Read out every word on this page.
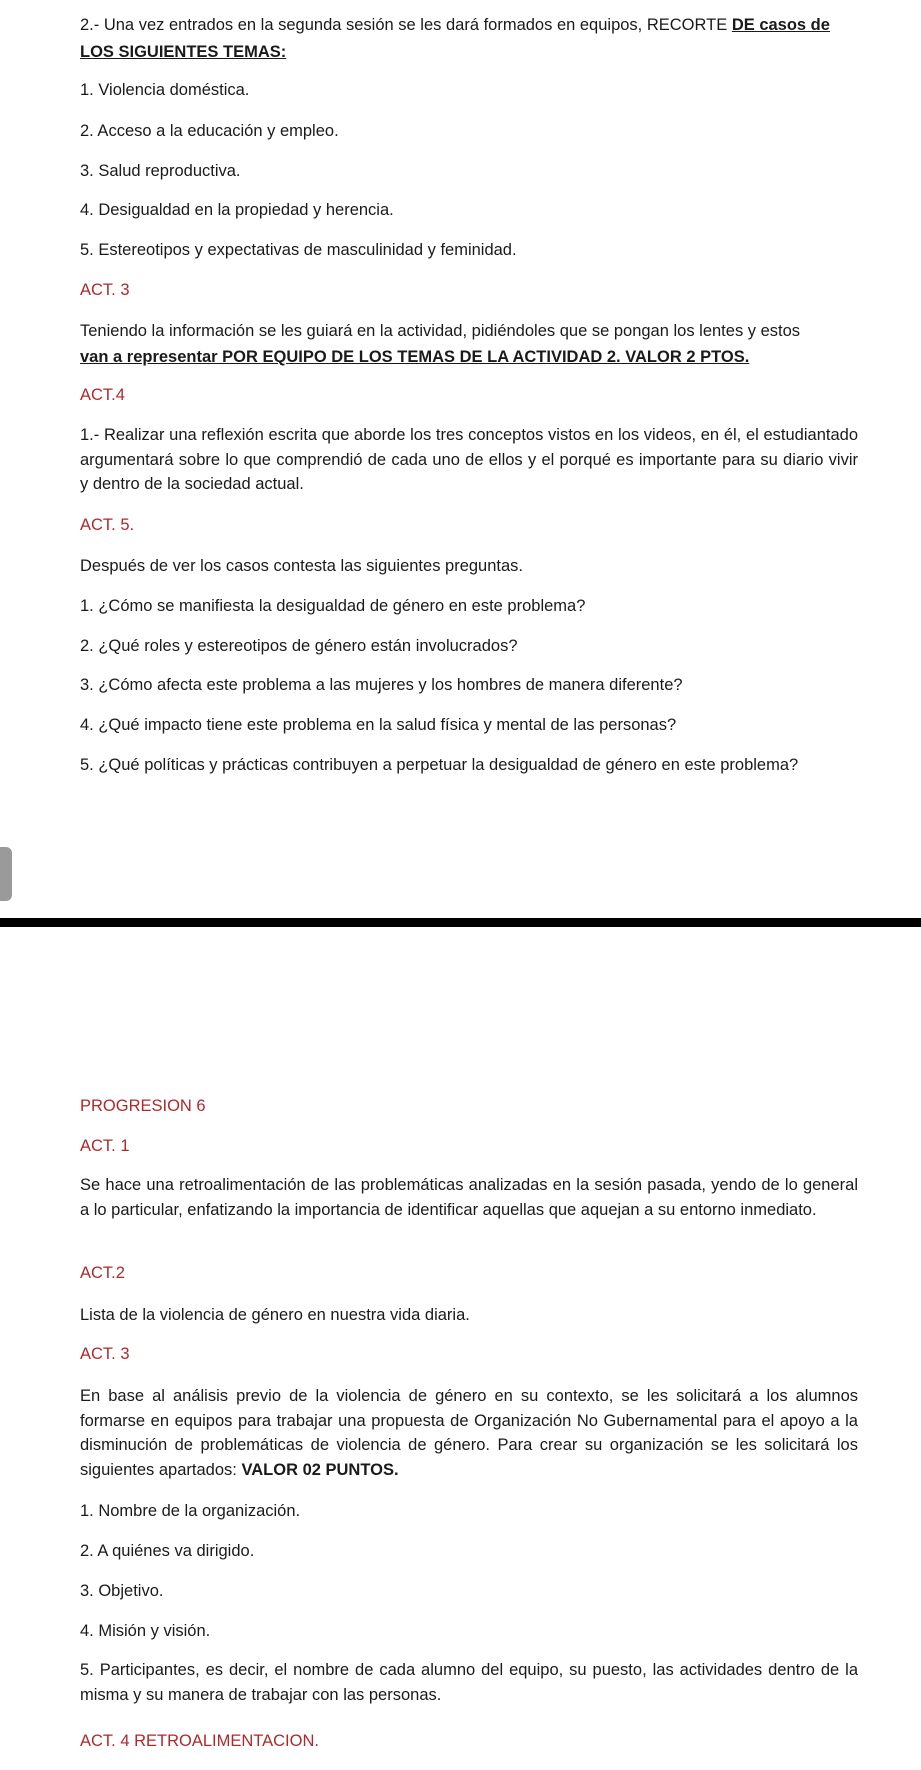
2.- Una vez entrados en la segunda sesión se les dará formados en equipos, RECORTE DE casos de

LOS SIGUIENTES TEMAS:

1. Violencia doméstica.

2. Acceso a la educación y empleo.

3. Salud reproductiva.

4. Desigualdad en la propiedad y herencia.

5. Estereotipos y expectativas de masculinidad y feminidad.

ACT. 3

Teniendo la información se les guiará en la actividad, pidiéndoles que se pongan los lentes y estos

van a representar POR EQUIPO DE LOS TEMAS DE LA ACTIVIDAD 2. VALOR 2 PTOS.

ACT.4

1.- Realizar una reflexión escrita que aborde los tres conceptos vistos en los videos, en él, el estudiantado argumentará sobre lo que comprendió de cada uno de ellos y el porqué es importante para su diario vivir y dentro de la sociedad actual.

ACT. 5.

Después de ver los casos contesta las siguientes preguntas.

1. ¿Cómo se manifiesta la desigualdad de género en este problema?

2. ¿Qué roles y estereotipos de género están involucrados?

3. ¿Cómo afecta este problema a las mujeres y los hombres de manera diferente?

4. ¿Qué impacto tiene este problema en la salud física y mental de las personas?

5. ¿Qué políticas y prácticas contribuyen a perpetuar la desigualdad de género en este problema?

PROGRESION 6

ACT. 1

Se hace una retroalimentación de las problemáticas analizadas en la sesión pasada, yendo de lo general a lo particular, enfatizando la importancia de identificar aquellas que aquejan a su entorno inmediato.

ACT.2

Lista de la violencia de género en nuestra vida diaria.

ACT. 3

En base al análisis previo de la violencia de género en su contexto, se les solicitará a los alumnos formarse en equipos para trabajar una propuesta de Organización No Gubernamental para el apoyo a la disminución de problemáticas de violencia de género. Para crear su organización se les solicitará los siguientes apartados: VALOR 02 PUNTOS.

1. Nombre de la organización.

2. A quiénes va dirigido.

3. Objetivo.

4. Misión y visión.

5. Participantes, es decir, el nombre de cada alumno del equipo, su puesto, las actividades dentro de la misma y su manera de trabajar con las personas.

ACT. 4 RETROALIMENTACION.
